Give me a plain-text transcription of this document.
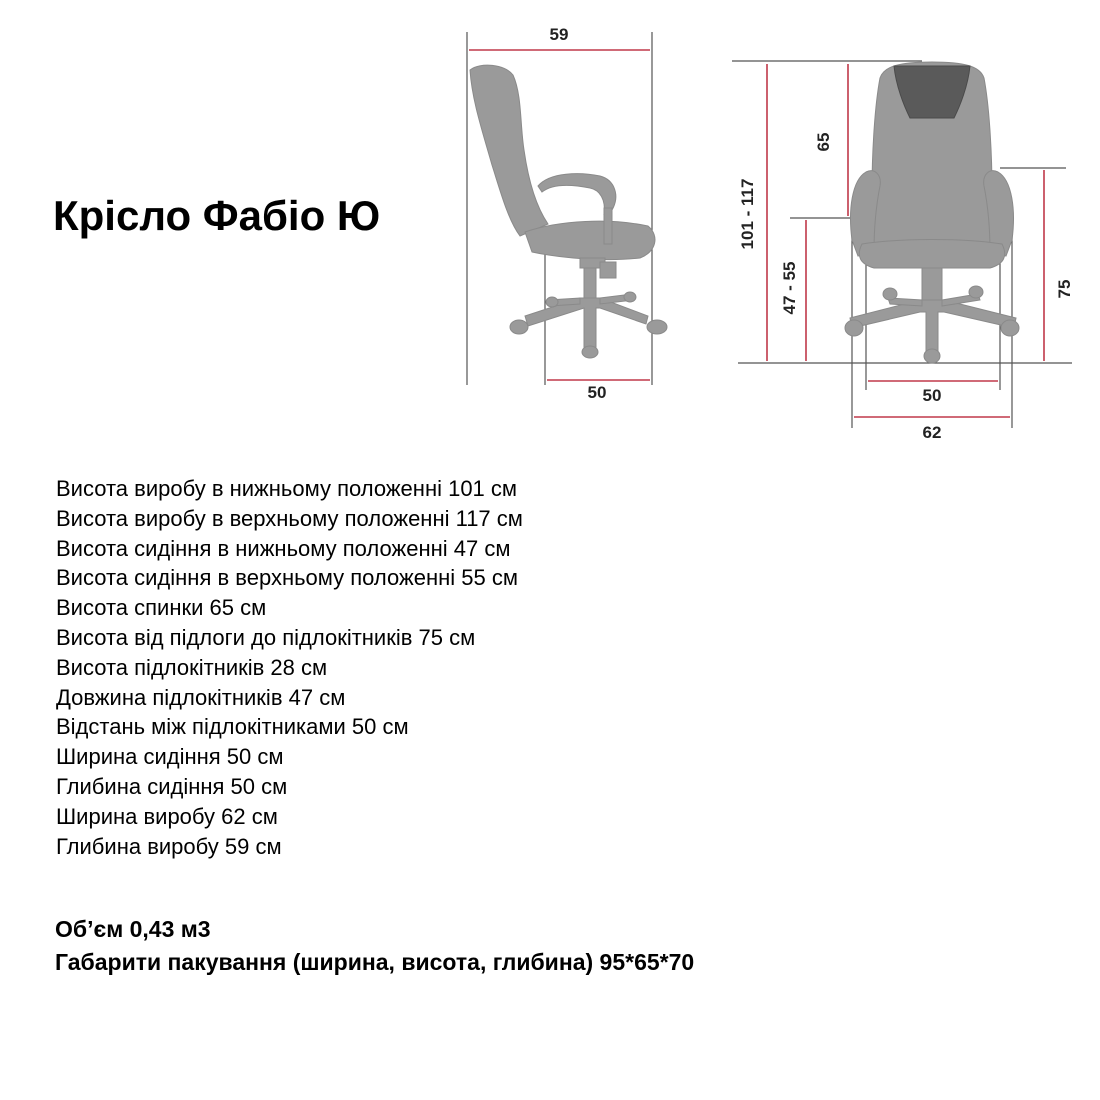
Крісло Фабіо Ю
59
50
101 - 117
65
47 - 55	75
50
62
Висота виробу в нижньому положенні 101 см
Висота виробу в верхньому положенні 117 см
Висота сидіння в нижньому положенні 47 см
Висота сидіння в верхньому положенні 55 см
Висота спинки 65 см
Висота від підлоги до підлокітників 75 см
Висота підлокітників 28 см
Довжина підлокітників 47 см
Відстань між підлокітниками 50 см
Ширина сидіння 50 см
Глибина сидіння 50 см
Ширина виробу 62 см
Глибина виробу 59 см
Об’єм 0,43 м3
Габарити пакування (ширина, висота, глибина) 95*65*70
